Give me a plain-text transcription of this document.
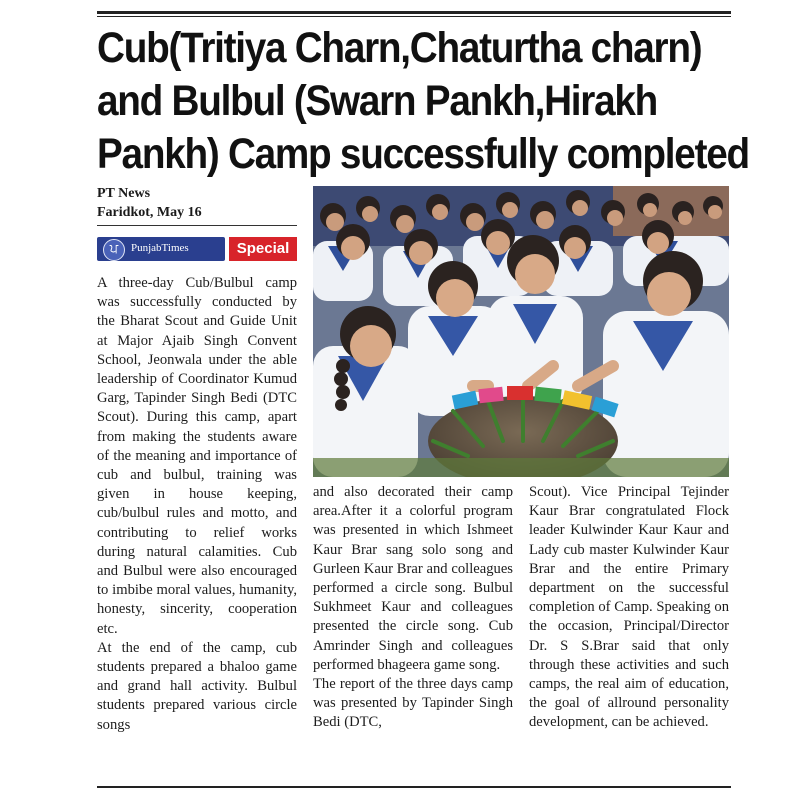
Cub(Tritiya Charn,Chaturtha charn)
and Bulbul (Swarn Pankh,Hirakh
Pankh) Camp successfully completed
PT News
Faridkot, May 16
ਪ	PunjabTimes	Special

A three-day Cub/Bulbul camp was successfully conducted by the Bharat Scout and Guide Unit at Major Ajaib Singh Convent School, Jeonwala under the able leadership of Coordinator Kumud Garg, Tapinder Singh Bedi (DTC Scout). During this camp, apart from making the students aware of the meaning and importance of cub and bulbul, training was given in house keeping, cub/bulbul rules and motto, and contributing to relief works during natural calamities. Cub and Bulbul were also encouraged to imbibe moral values, humanity, honesty, sincerity, cooperation etc.

At the end of the camp, cub students prepared a bhaloo game and grand hall activity. Bulbul students prepared various circle songs

and also decorated their camp area.After it a colorful program was presented in which Ishmeet Kaur Brar sang solo song and Gurleen Kaur Brar and colleagues performed a circle song. Bulbul Sukhmeet Kaur and colleagues presented the circle song. Cub Amrinder Singh and colleagues performed bhageera game song.

The report of the three days camp was presented by Tapinder Singh Bedi (DTC,

Scout). Vice Principal Tejinder Kaur Brar congratulated Flock leader Kulwinder Kaur Kaur and Lady cub master Kulwinder Kaur Brar and the entire Primary department on the successful completion of Camp. Speaking on the occasion, Principal/Director Dr. S S.Brar said that only through these activities and such camps, the real aim of education, the goal of allround personality development, can be achieved.
